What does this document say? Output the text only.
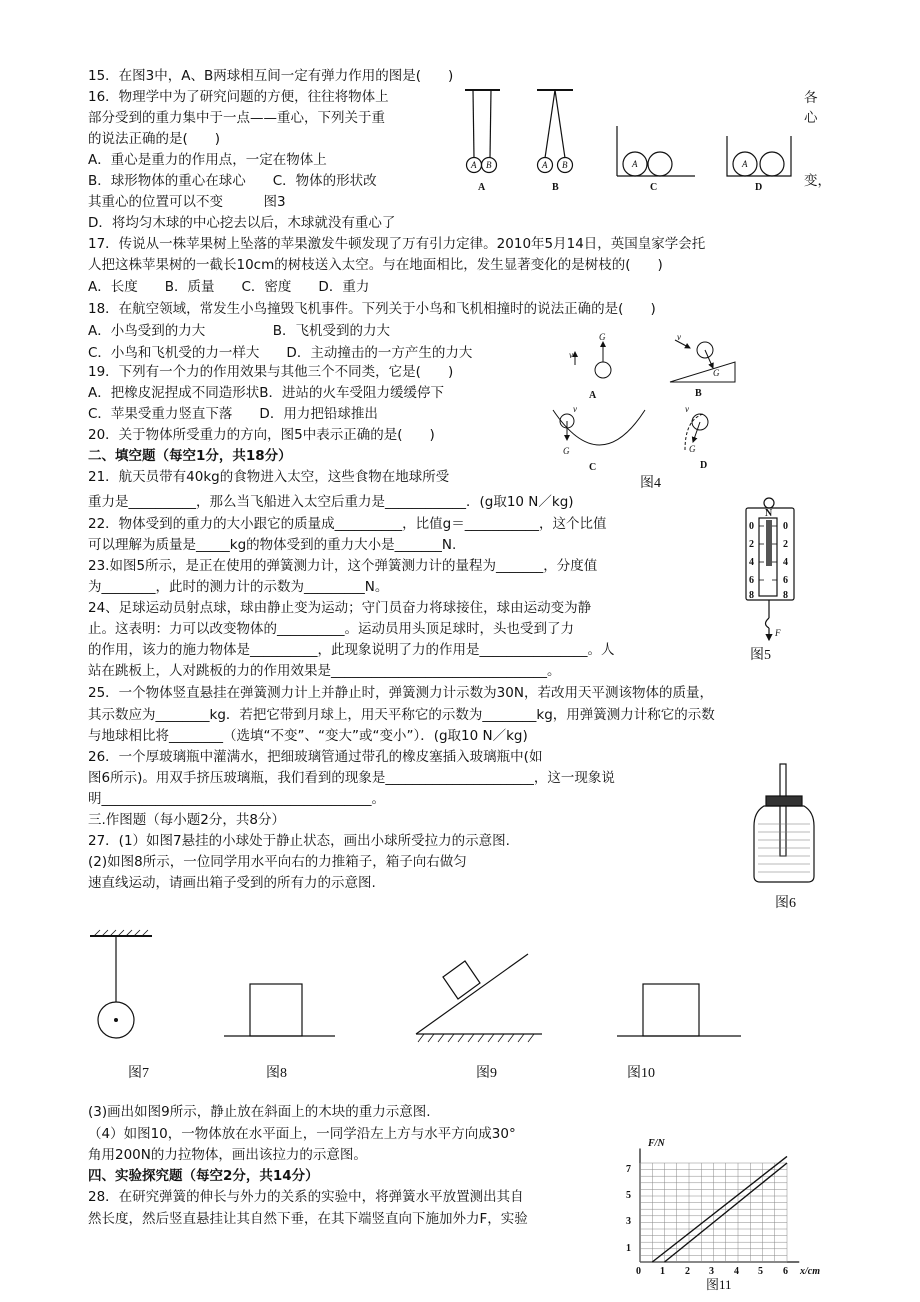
15．在图3中，A、B两球相互间一定有弹力作用的图是(　　)
16．物理学中为了研究问题的方便，往往将物体上
部分受到的重力集中于一点——重心，下列关于重
的说法正确的是(　　)
A．重心是重力的作用点，一定在物体上
B．球形物体的重心在球心　　C．物体的形状改
其重心的位置可以不变　　　图3
D．将均匀木球的中心挖去以后，木球就没有重心了
17．传说从一株苹果树上坠落的苹果激发牛顿发现了万有引力定律。2010年5月14日，英国皇家学会托
人把这株苹果树的一截长10cm的树枝送入太空。与在地面相比，发生显著变化的是树枝的(　　)
A．长度　　B．质量　　C．密度　　D．重力
18．在航空领域，常发生小鸟撞毁飞机事件。下列关于小鸟和飞机相撞时的说法正确的是(　　)
A．小鸟受到的力大　　　　　B．飞机受到的力大
C．小鸟和飞机受的力一样大　　D．主动撞击的一方产生的力大
19．下列有一个力的作用效果与其他三个不同类，它是(　　)
A．把橡皮泥捏成不同造形状B．进站的火车受阻力缓缓停下
C．苹果受重力竖直下落　　D．用力把铅球推出
20．关于物体所受重力的方向，图5中表示正确的是(　　)
二、填空题（每空1分，共18分）
21．航天员带有40kg的食物进入太空，这些食物在地球所受
重力是__________，那么当飞船进入太空后重力是____________．(g取10 N／kg)
22．物体受到的重力的大小跟它的质量成__________，比值g＝___________，这个比值
可以理解为质量是_____kg的物体受到的重力大小是_______N.
23.如图5所示，是正在使用的弹簧测力计，这个弹簧测力计的量程为_______，分度值
为________，此时的测力计的示数为_________N。
24、足球运动员射点球，球由静止变为运动；守门员奋力将球接住，球由运动变为静
止。这表明：力可以改变物体的__________。运动员用头顶足球时，头也受到了力
的作用，该力的施力物体是__________，此现象说明了力的作用是________________。人
站在跳板上，人对跳板的力的作用效果是________________________________。
25．一个物体竖直悬挂在弹簧测力计上并静止时，弹簧测力计示数为30N，若改用天平测该物体的质量，
其示数应为________kg．若把它带到月球上，用天平称它的示数为________kg，用弹簧测力计称它的示数
与地球相比将________（选填“不变”、“变大”或“变小”）．(g取10 N／kg)
26．一个厚玻璃瓶中灌满水，把细玻璃管通过带孔的橡皮塞插入玻璃瓶中(如
图6所示)。用双手挤压玻璃瓶，我们看到的现象是______________________，这一现象说
明________________________________________。
三.作图题（每小题2分，共8分）
27．(1）如图7悬挂的小球处于静止状态，画出小球所受拉力的示意图.
(2)如图8所示，一位同学用水平向右的力推箱子，箱子向右做匀
速直线运动，请画出箱子受到的所有力的示意图.
(3)画出如图9所示，静止放在斜面上的木块的重力示意图.
（4）如图10，一物体放在水平面上，一同学沿左上方与水平方向成30°
角用200N的力拉物体，画出该拉力的示意图。
四、实验探究题（每空2分，共14分）
28．在研究弹簧的伸长与外力的关系的实验中，将弹簧水平放置测出其自
然长度，然后竖直悬挂让其自然下垂，在其下端竖直向下施加外力F，实验
各
心
变，
A B	A B	A	A
A	B	C	D
G
v
A
G
v
B
v
G
C
v
G
D
图4
N
0
2
4
6
8
0
2
4
6
8
F
图5
图6
图7	图8	图9	图10
F/N
x/cm
1
3
5
7
0 1 2 3 4 5 6
图11
